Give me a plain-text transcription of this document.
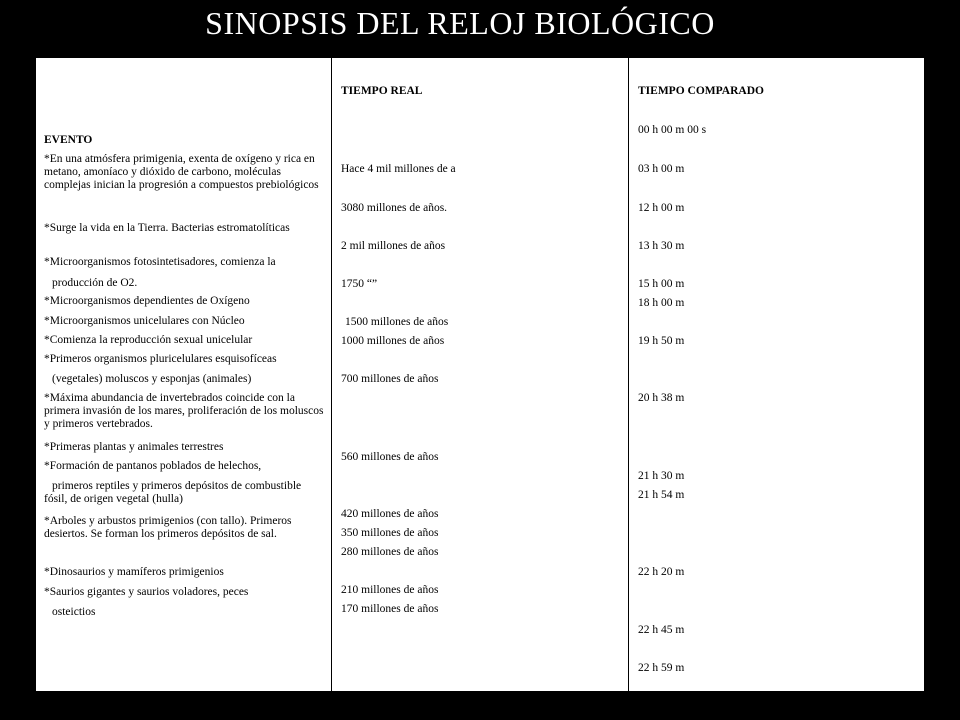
SINOPSIS DEL RELOJ BIOLÓGICO
EVENTO
*En una atmósfera primigenia, exenta de oxígeno y rica en metano, amoníaco y dióxido de carbono, moléculas complejas inician la progresión a compuestos prebiológicos
*Surge la vida en la Tierra. Bacterias estromatolíticas
*Microorganismos fotosintetisadores, comienza la
producción de O2.
*Microorganismos dependientes de Oxígeno
*Microorganismos unicelulares con Núcleo
*Comienza la reproducción sexual unicelular
*Primeros organismos pluricelulares esquisofíceas
(vegetales) moluscos y esponjas (animales)
*Máxima abundancia de invertebrados coincide con la primera invasión de los mares, proliferación de los moluscos y primeros vertebrados.
*Primeras plantas y animales terrestres
*Formación de pantanos poblados de helechos,
primeros reptiles y primeros depósitos de combustible fósil, de origen vegetal (hulla)
*Arboles y arbustos primigenios (con tallo). Primeros desiertos. Se forman los primeros depósitos de sal.
*Dinosaurios y mamíferos primigenios
*Saurios gigantes y saurios voladores, peces
osteictios
TIEMPO REAL
Hace 4 mil millones de a
3080 millones de años.
2 mil millones de años
1750 “”
1500 millones de años
1000 millones de años
700 millones de años
560 millones de años
420 millones de años
350 millones de años
280 millones de años
210 millones de años
170 millones de años
TIEMPO COMPARADO
00 h 00 m 00 s
03 h 00 m
12 h 00 m
13 h 30 m
15 h 00 m
18 h 00 m
19 h 50 m
20 h 38 m
21 h 30 m
21 h 54 m
22 h 20 m
22 h 45 m
22 h 59 m
